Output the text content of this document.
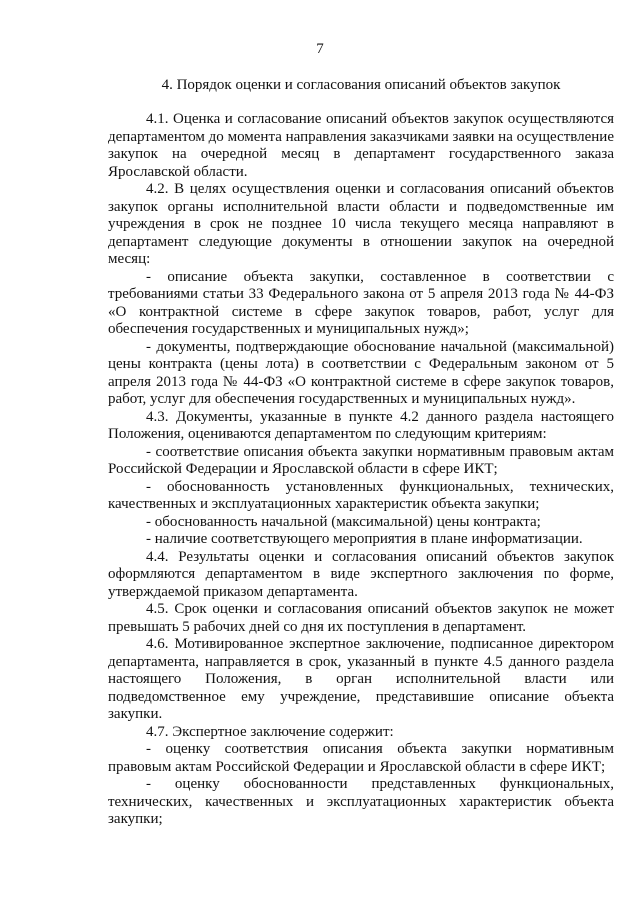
7
4. Порядок оценки и согласования описаний объектов закупок

4.1. Оценка и согласование описаний объектов закупок осуществляются департаментом до момента направления заказчиками заявки на осуществление закупок на очередной месяц в департамент государственного заказа Ярославской области.

4.2. В целях осуществления оценки и согласования описаний объектов закупок органы исполнительной власти области и подведомственные им учреждения в срок не позднее 10 числа текущего месяца направляют в департамент следующие документы в отношении закупок на очередной месяц:

- описание объекта закупки, составленное в соответствии с требованиями статьи 33 Федерального закона от 5 апреля 2013 года № 44-ФЗ «О контрактной системе в сфере закупок товаров, работ, услуг для обеспечения государственных и муниципальных нужд»;

- документы, подтверждающие обоснование начальной (максимальной) цены контракта (цены лота) в соответствии с Федеральным законом от 5 апреля 2013 года № 44-ФЗ «О контрактной системе в сфере закупок товаров, работ, услуг для обеспечения государственных и муниципальных нужд».

4.3. Документы, указанные в пункте 4.2 данного раздела настоящего Положения, оцениваются департаментом по следующим критериям:

- соответствие описания объекта закупки нормативным правовым актам Российской Федерации и Ярославской области в сфере ИКТ;

- обоснованность установленных функциональных, технических, качественных и эксплуатационных характеристик объекта закупки;

- обоснованность начальной (максимальной) цены контракта;

- наличие соответствующего мероприятия в плане информатизации.

4.4. Результаты оценки и согласования описаний объектов закупок оформляются департаментом в виде экспертного заключения по форме, утверждаемой приказом департамента.

4.5. Срок оценки и согласования описаний объектов закупок не может превышать 5 рабочих дней со дня их поступления в департамент.

4.6. Мотивированное экспертное заключение, подписанное директором департамента, направляется в срок, указанный в пункте 4.5 данного раздела настоящего Положения, в орган исполнительной власти или подведомственное ему учреждение, представившие описание объекта закупки.

4.7. Экспертное заключение содержит:

- оценку соответствия описания объекта закупки нормативным правовым актам Российской Федерации и Ярославской области в сфере ИКТ;

- оценку обоснованности представленных функциональных, технических, качественных и эксплуатационных характеристик объекта закупки;
